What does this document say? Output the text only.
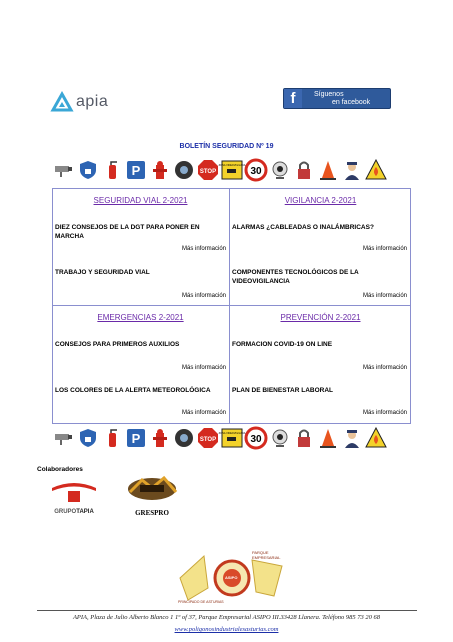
apia	f	Síguenos
en facebook
BOLETÍN SEGURIDAD Nº 19
P	STOP
ZONA VIDEOVIGILADA
30
P	STOP
ZONA VIDEOVIGILADA
30
SEGURIDAD VIAL 2-2021
DIEZ CONSEJOS DE LA DGT PARA PONER EN MARCHA
Más información
TRABAJO Y SEGURIDAD VIAL
Más información
VIGILANCIA 2-2021
ALARMAS ¿CABLEADAS O INALÁMBRICAS?
Más información
COMPONENTES TECNOLÓGICOS DE LA VIDEOVIGILANCIA
Más información
EMERGENCIAS 2-2021
CONSEJOS PARA PRIMEROS AUXILIOS
Más información
LOS COLORES DE LA ALERTA METEOROLÓGICA
Más información
PREVENCIÓN 2-2021
FORMACION COVID-19 ON LINE
Más información
PLAN DE BIENESTAR LABORAL
Más información
Colaboradores
GRUPOTAPIA	GRESPRO
PARQUE EMPRESARIAL
ASIPO
PRINCIPADO DE ASTURIAS
APIA, Plaza de Julio Alberto Blanco 1 1º of 37, Parque Empresarial ASIPO III.33428 Llanera. Teléfono 985 73 20 68
www.poligonosindustrialesasturias.com
